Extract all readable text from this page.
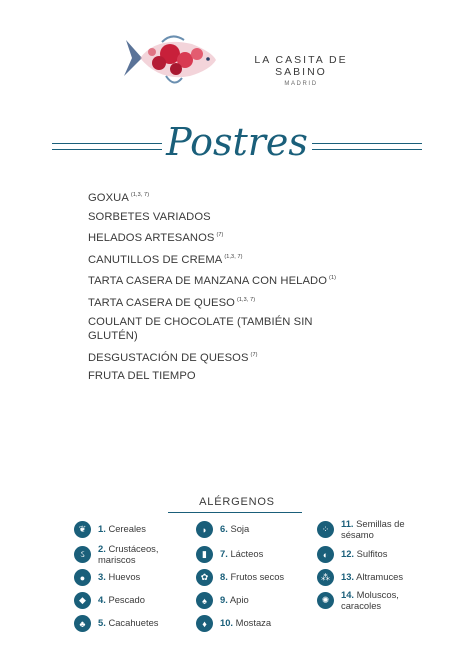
LA CASITA DE SABINO
MADRID
Postres
GOXUA $^{(1,3, 7)}$
SORBETES VARIADOS
HELADOS ARTESANOS $^{(7)}$
CANUTILLOS DE CREMA $^{(1,3, 7)}$
TARTA CASERA DE MANZANA CON HELADO $^{(1)}$
TARTA CASERA DE QUESO $^{(1,3, 7)}$
COULANT DE CHOCOLATE (TAMBIÉN SIN GLUTÉN)
DESGUSTACIÓN DE QUESOS $^{(7)}$
FRUTA DEL TIEMPO
ALÉRGENOS
❦	1. Cereales
ઽ	2. Crustáceos, mariscos
●	3. Huevos
◆	4. Pescado
♣	5. Cacahuetes
◗	6. Soja
▮	7. Lácteos
✿	8. Frutos secos
♠	9. Apio
♦	10. Mostaza
⁘	11. Semillas de sésamo
◐	12. Sulfitos
⁂	13. Altramuces
✺	14. Moluscos, caracoles
